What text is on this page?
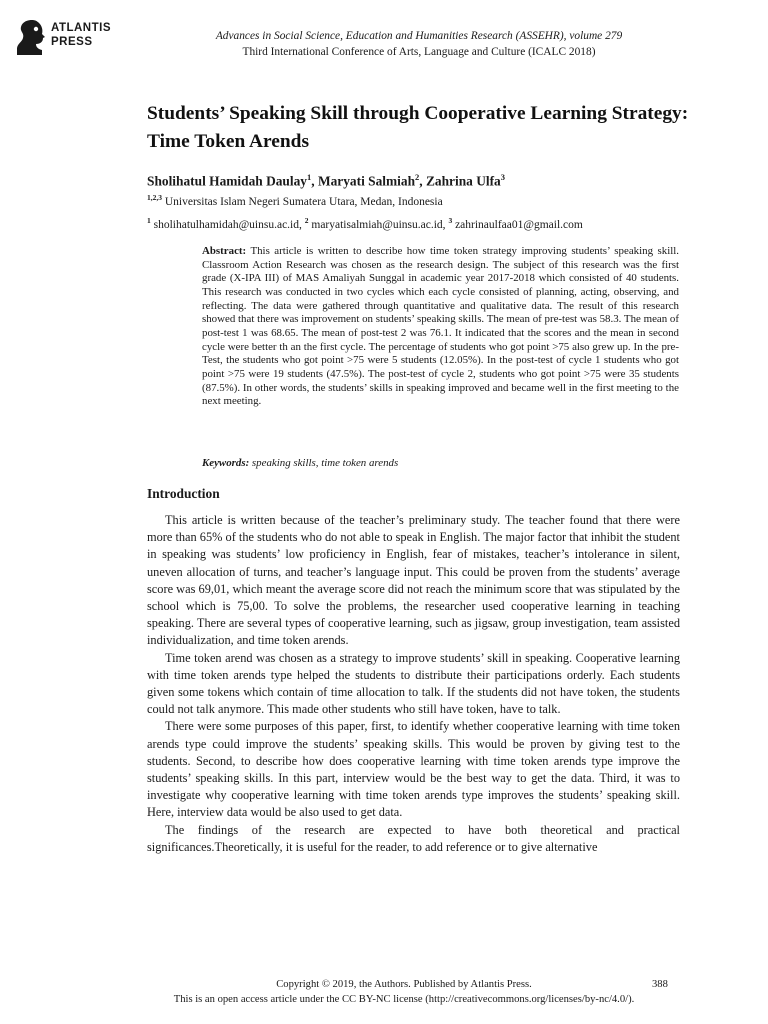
ATLANTIS
PRESS	Advances in Social Science, Education and Humanities Research (ASSEHR), volume 279
Third International Conference of Arts, Language and Culture (ICALC 2018)
Students’ Speaking Skill through Cooperative Learning Strategy: Time Token Arends
Sholihatul Hamidah Daulay$^1$, Maryati Salmiah$^2$, Zahrina Ulfa$^3$
$^{1,2,3}$ Universitas Islam Negeri Sumatera Utara, Medan, Indonesia
$^1$ sholihatulhamidah@uinsu.ac.id, $^2$ maryatisalmiah@uinsu.ac.id, $^3$ zahrinaulfaa01@gmail.com

Abstract: This article is written to describe how time token strategy improving students’ speaking skill. Classroom Action Research was chosen as the research design. The subject of this research was the first grade (X-IPA III) of MAS Amaliyah Sunggal in academic year 2017-2018 which consisted of 40 students. This research was conducted in two cycles which each cycle consisted of planning, acting, observing, and reflecting. The data were gathered through quantitative and qualitative data. The result of this research showed that there was improvement on students’ speaking skills. The mean of pre-test was 58.3. The mean of post-test 1 was 68.65. The mean of post-test 2 was 76.1. It indicated that the scores and the mean in second cycle were better th an the first cycle. The percentage of students who got point >75 also grew up. In the pre-Test, the students who got point >75 were 5 students (12.05%). In the post-test of cycle 1 students who got point >75 were 19 students (47.5%). The post-test of cycle 2, students who got point >75 were 35 students (87.5%). In other words, the students’ skills in speaking improved and became well in the first meeting to the next meeting.

Keywords: speaking skills, time token arends
Introduction

This article is written because of the teacher’s preliminary study. The teacher found that there were more than 65% of the students who do not able to speak in English. The major factor that inhibit the student in speaking was students’ low proficiency in English, fear of mistakes, teacher’s intolerance in silent, uneven allocation of turns, and teacher’s language input. This could be proven from the students’ average score was 69,01, which meant the average score did not reach the minimum score that was stipulated by the school which is 75,00. To solve the problems, the researcher used cooperative learning in teaching speaking. There are several types of cooperative learning, such as jigsaw, group investigation, team assisted individualization, and time token arends.

Time token arend was chosen as a strategy to improve students’ skill in speaking. Cooperative learning with time token arends type helped the students to distribute their participations orderly. Each students given some tokens which contain of time allocation to talk. If the students did not have token, the students could not talk anymore. This made other students who still have token, have to talk.

There were some purposes of this paper, first, to identify whether cooperative learning with time token arends type could improve the students’ speaking skills. This would be proven by giving test to the students. Second, to describe how does cooperative learning with time token arends type improve the students’ speaking skills. In this part, interview would be the best way to get the data. Third, it was to investigate why cooperative learning with time token arends type improves the students’ speaking skill. Here, interview data would be also used to get data.

The findings of the research are expected to have both theoretical and practical significances.Theoretically, it is useful for the reader, to add reference or to give alternative

Copyright © 2019, the Authors. Published by Atlantis Press.	388
This is an open access article under the CC BY-NC license (http://creativecommons.org/licenses/by-nc/4.0/).
